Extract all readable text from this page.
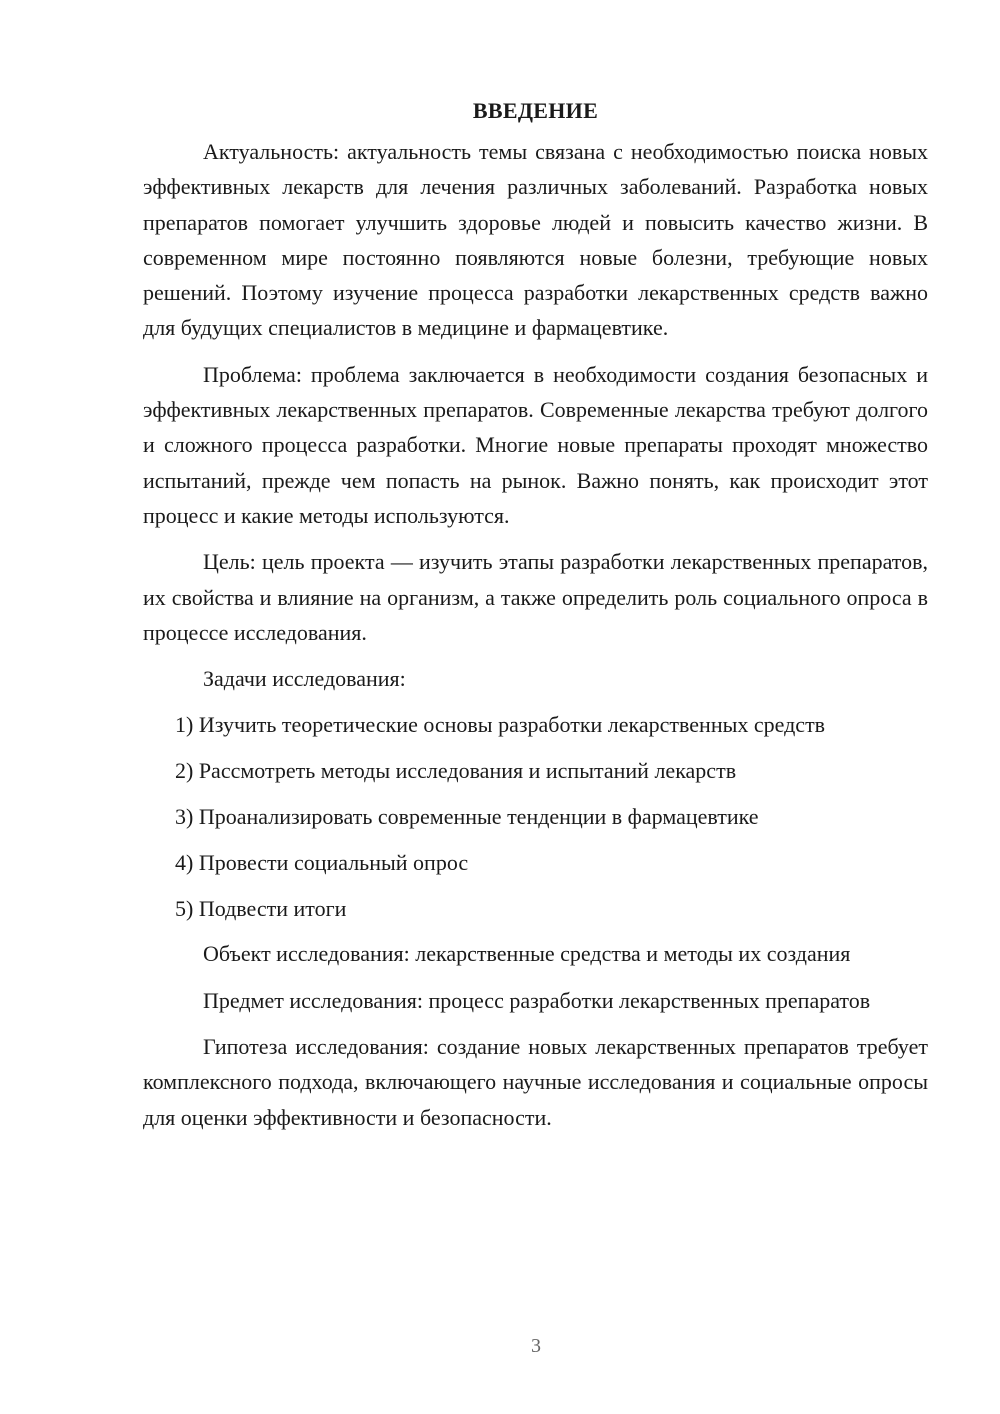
ВВЕДЕНИЕ

Актуальность: актуальность темы связана с необходимостью поиска новых эффективных лекарств для лечения различных заболеваний. Разработка новых препаратов помогает улучшить здоровье людей и повысить качество жизни. В современном мире постоянно появляются новые болезни, требующие новых решений. Поэтому изучение процесса разработки лекарственных средств важно для будущих специалистов в медицине и фармацевтике.

Проблема: проблема заключается в необходимости создания безопасных и эффективных лекарственных препаратов. Современные лекарства требуют долгого и сложного процесса разработки. Многие новые препараты проходят множество испытаний, прежде чем попасть на рынок. Важно понять, как происходит этот процесс и какие методы используются.

Цель: цель проекта — изучить этапы разработки лекарственных препаратов, их свойства и влияние на организм, а также определить роль социального опроса в процессе исследования.

Задачи исследования:

1) Изучить теоретические основы разработки лекарственных средств
2) Рассмотреть методы исследования и испытаний лекарств
3) Проанализировать современные тенденции в фармацевтике
4) Провести социальный опрос
5) Подвести итоги

Объект исследования: лекарственные средства и методы их создания

Предмет исследования: процесс разработки лекарственных препаратов

Гипотеза исследования: создание новых лекарственных препаратов требует комплексного подхода, включающего научные исследования и социальные опросы для оценки эффективности и безопасности.

3
